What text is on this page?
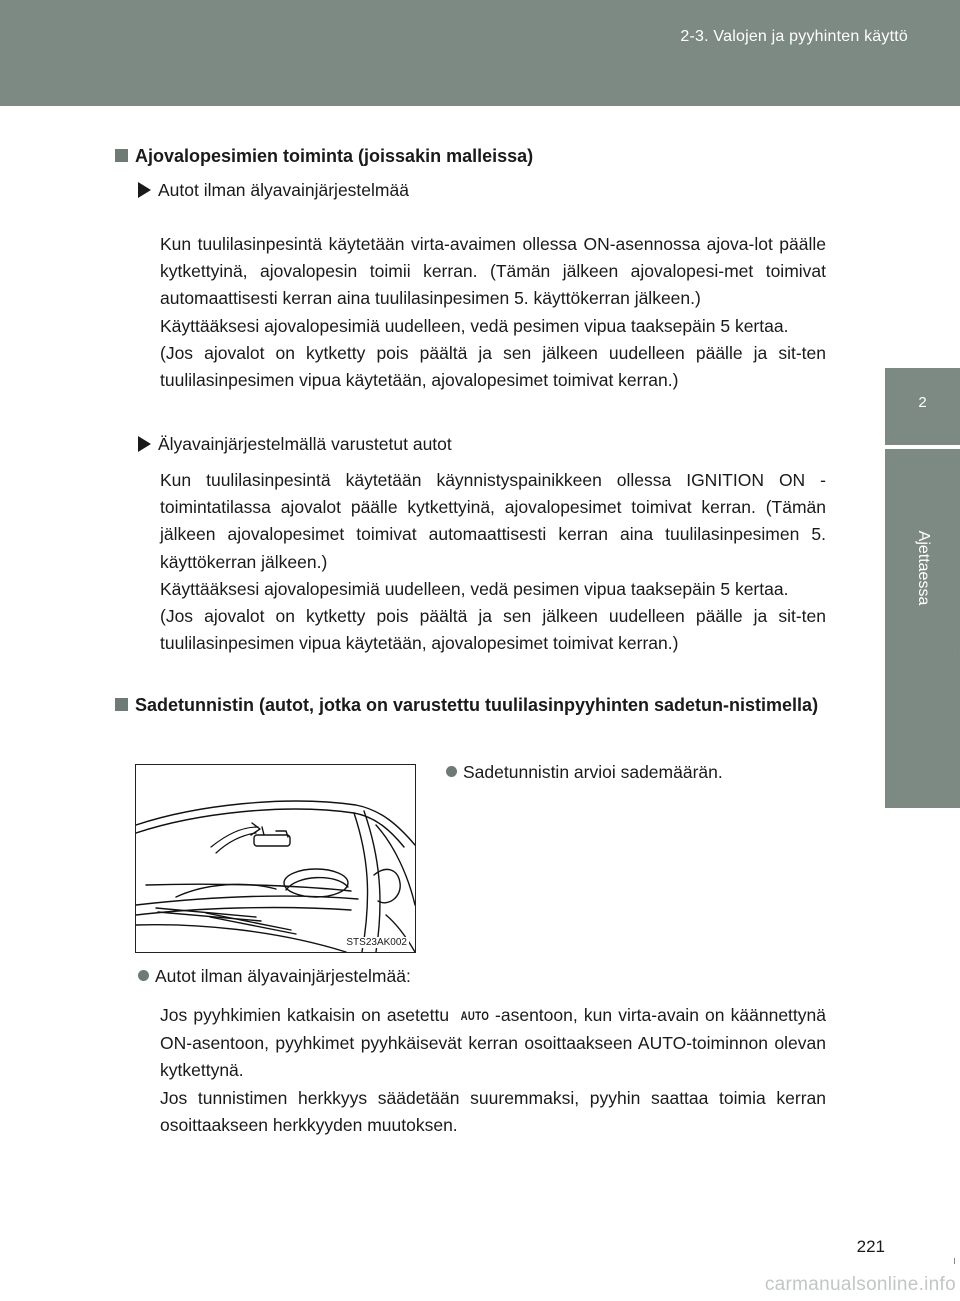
2-3. Valojen ja pyyhinten käyttö
2
Ajettaessa
Ajovalopesimien toiminta (joissakin malleissa)
Autot ilman älyavainjärjestelmää

Kun tuulilasinpesintä käytetään virta-avaimen ollessa ON-asennossa ajova-lot päälle kytkettyinä, ajovalopesin toimii kerran. (Tämän jälkeen ajovalopesi-met toimivat automaattisesti kerran aina tuulilasinpesimen 5. käyttökerran jälkeen.)

Käyttääksesi ajovalopesimiä uudelleen, vedä pesimen vipua taaksepäin 5 kertaa.

(Jos ajovalot on kytketty pois päältä ja sen jälkeen uudelleen päälle ja sit-ten tuulilasinpesimen vipua käytetään, ajovalopesimet toimivat kerran.)

Älyavainjärjestelmällä varustetut autot

Kun tuulilasinpesintä käytetään käynnistyspainikkeen ollessa IGNITION ON -toimintatilassa ajovalot päälle kytkettyinä, ajovalopesimet toimivat kerran. (Tämän jälkeen ajovalopesimet toimivat automaattisesti kerran aina tuulilasinpesimen 5. käyttökerran jälkeen.)

Käyttääksesi ajovalopesimiä uudelleen, vedä pesimen vipua taaksepäin 5 kertaa.

(Jos ajovalot on kytketty pois päältä ja sen jälkeen uudelleen päälle ja sit-ten tuulilasinpesimen vipua käytetään, ajovalopesimet toimivat kerran.)

Sadetunnistin (autot, jotka on varustettu tuulilasinpyyhinten sadetun-nistimella)
Sadetunnistin arvioi sademäärän.
STS23AK002
Autot ilman älyavainjärjestelmää:

Jos pyyhkimien katkaisin on asetettu AUTO -asentoon, kun virta-avain on käännettynä ON-asentoon, pyyhkimet pyyhkäisevät kerran osoittaakseen AUTO-toiminnon olevan kytkettynä.

Jos tunnistimen herkkyys säädetään suuremmaksi, pyyhin saattaa toimia kerran osoittaakseen herkkyyden muutoksen.

221
carmanualsonline.info
